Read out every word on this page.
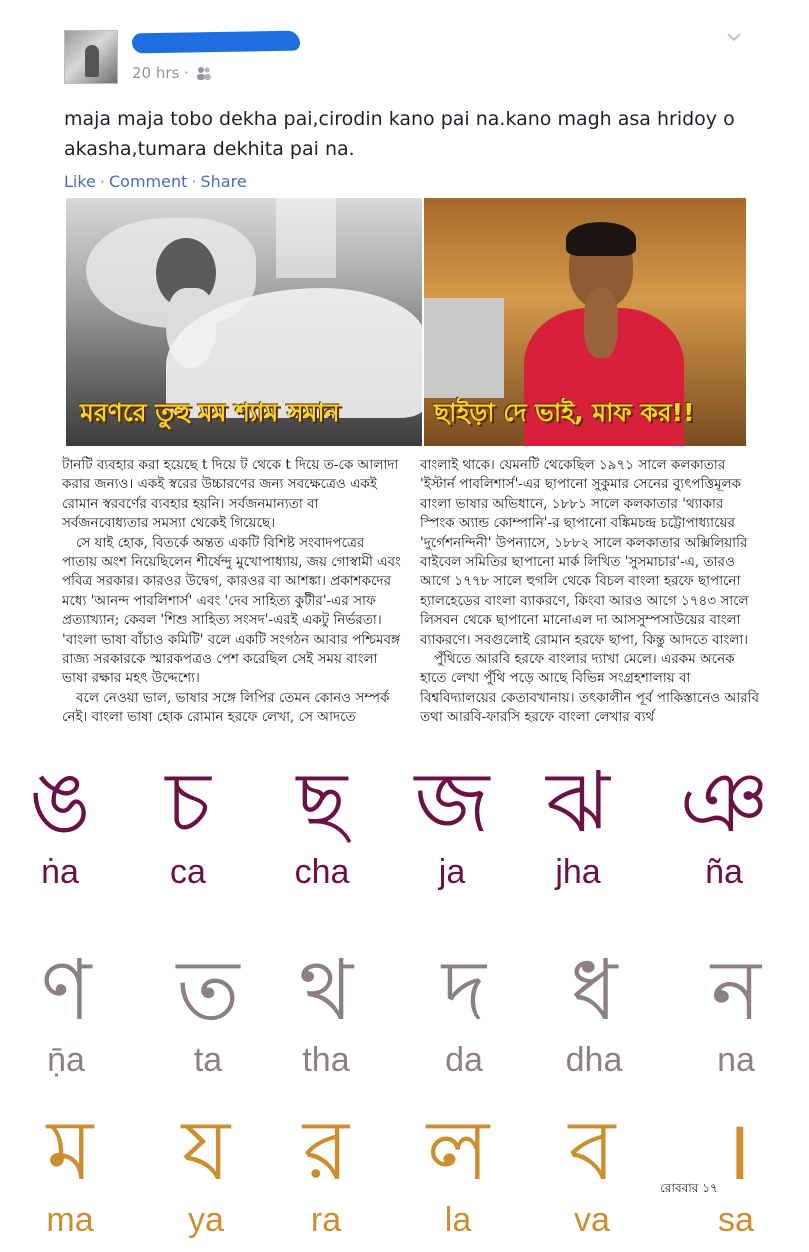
20 hrs ·
maja maja tobo dekha pai,cirodin kano pai na.kano magh asa hridoy o akasha,tumara dekhita pai na.
Like · Comment · Share
মরণরে তুহু মম শ্যাম সমান	ছাইড়া দে ভাই, মাফ কর!!

টানটি ব্যবহার করা হয়েছে t দিয়ে ট থেকে t দিয়ে ত-কে আলাদা করার জন্যও। একই স্বরের উচ্চারণের জন্য সবক্ষেত্রেও একই রোমান স্বরবর্ণের ব্যবহার হয়নি। সর্বজনমান্যতা বা সর্বজনবোধ্যতার সমস্যা থেকেই গিয়েছে।

সে যাই হোক, বিতর্কে অন্তত একটি বিশিষ্ট সংবাদপত্রের পাতায় অংশ নিয়েছিলেন শীর্ষেন্দু মুখোপাধ্যায়, জয় গোস্বামী এবং পবিত্র সরকার। কারওর উদ্বেগ, কারওর বা আশঙ্কা। প্রকাশকদের মধ্যে 'আনন্দ পাবলিশার্স' এবং 'দেব সাহিত্য কুটীর'-এর সাফ প্রত্যাখ্যান; কেবল 'শিশু সাহিত্য সংসদ'-এরই একটু নির্ভরতা। 'বাংলা ভাষা বাঁচাও কমিটি' বলে একটি সংগঠন আবার পশ্চিমবঙ্গ রাজ্য সরকারকে স্মারকপত্রও পেশ করেছিল সেই সময় বাংলা ভাষা রক্ষার মহৎ উদ্দেশ্যে।

বলে নেওয়া ভাল, ভাষার সঙ্গে লিপির তেমন কোনও সম্পর্ক নেই। বাংলা ভাষা হোক রোমান হরফে লেখা, সে আদতে

বাংলাই থাকে। যেমনটি থেকেছিল ১৯৭১ সালে কলকাতার 'ইস্টার্ন পাবলিশার্স'-এর ছাপানো সুকুমার সেনের ব্যুৎপত্তিমূলক বাংলা ভাষার অভিধানে, ১৮৮১ সালে কলকাতার 'থ্যাকার স্পিংক অ্যান্ড কোম্পানি'-র ছাপানো বঙ্কিমচন্দ্র চট্টোপাধ্যায়ের 'দুর্গেশনন্দিনী' উপন্যাসে, ১৮৮২ সালে কলকাতার অক্সিলিয়ারি বাইবেল সমিতির ছাপানো মার্ক লিখিত 'সুসমাচার'-এ, তারও আগে ১৭৭৮ সালে হুগলি থেকে বিচল বাংলা হরফে ছাপানো হ্যালহেডের বাংলা ব্যাকরণে, কিংবা আরও আগে ১৭৪৩ সালে লিসবন থেকে ছাপানো মানোএল দা আসসুম্পসাউয়ের বাংলা ব্যাকরণে। সবগুলোই রোমান হরফে ছাপা, কিন্তু আদতে বাংলা।

পুঁথিতে আরবি হরফে বাংলার দ্যাখা মেলে। এরকম অনেক হাতে লেখা পুঁথি পড়ে আছে বিভিন্ন সংগ্রহশালায় বা বিশ্ববিদ্যালয়ের কেতাবখানায়। তৎকালীন পূর্ব পাকিস্তানেও আরবি তথা আরবি-ফারসি হরফে বাংলা লেখার ব্যর্থ

ঙ
ṅa
চ
ca
ছ
cha
জ
ja
ঝ
jha
ঞ
ña
ণ
ṇ̄a
ত
ta
থ
tha
দ
da
ধ
dha
ন
na
ম
ma
য
ya
র
ra
ল
la
ব
va
।
sa
রোববার ১৭
